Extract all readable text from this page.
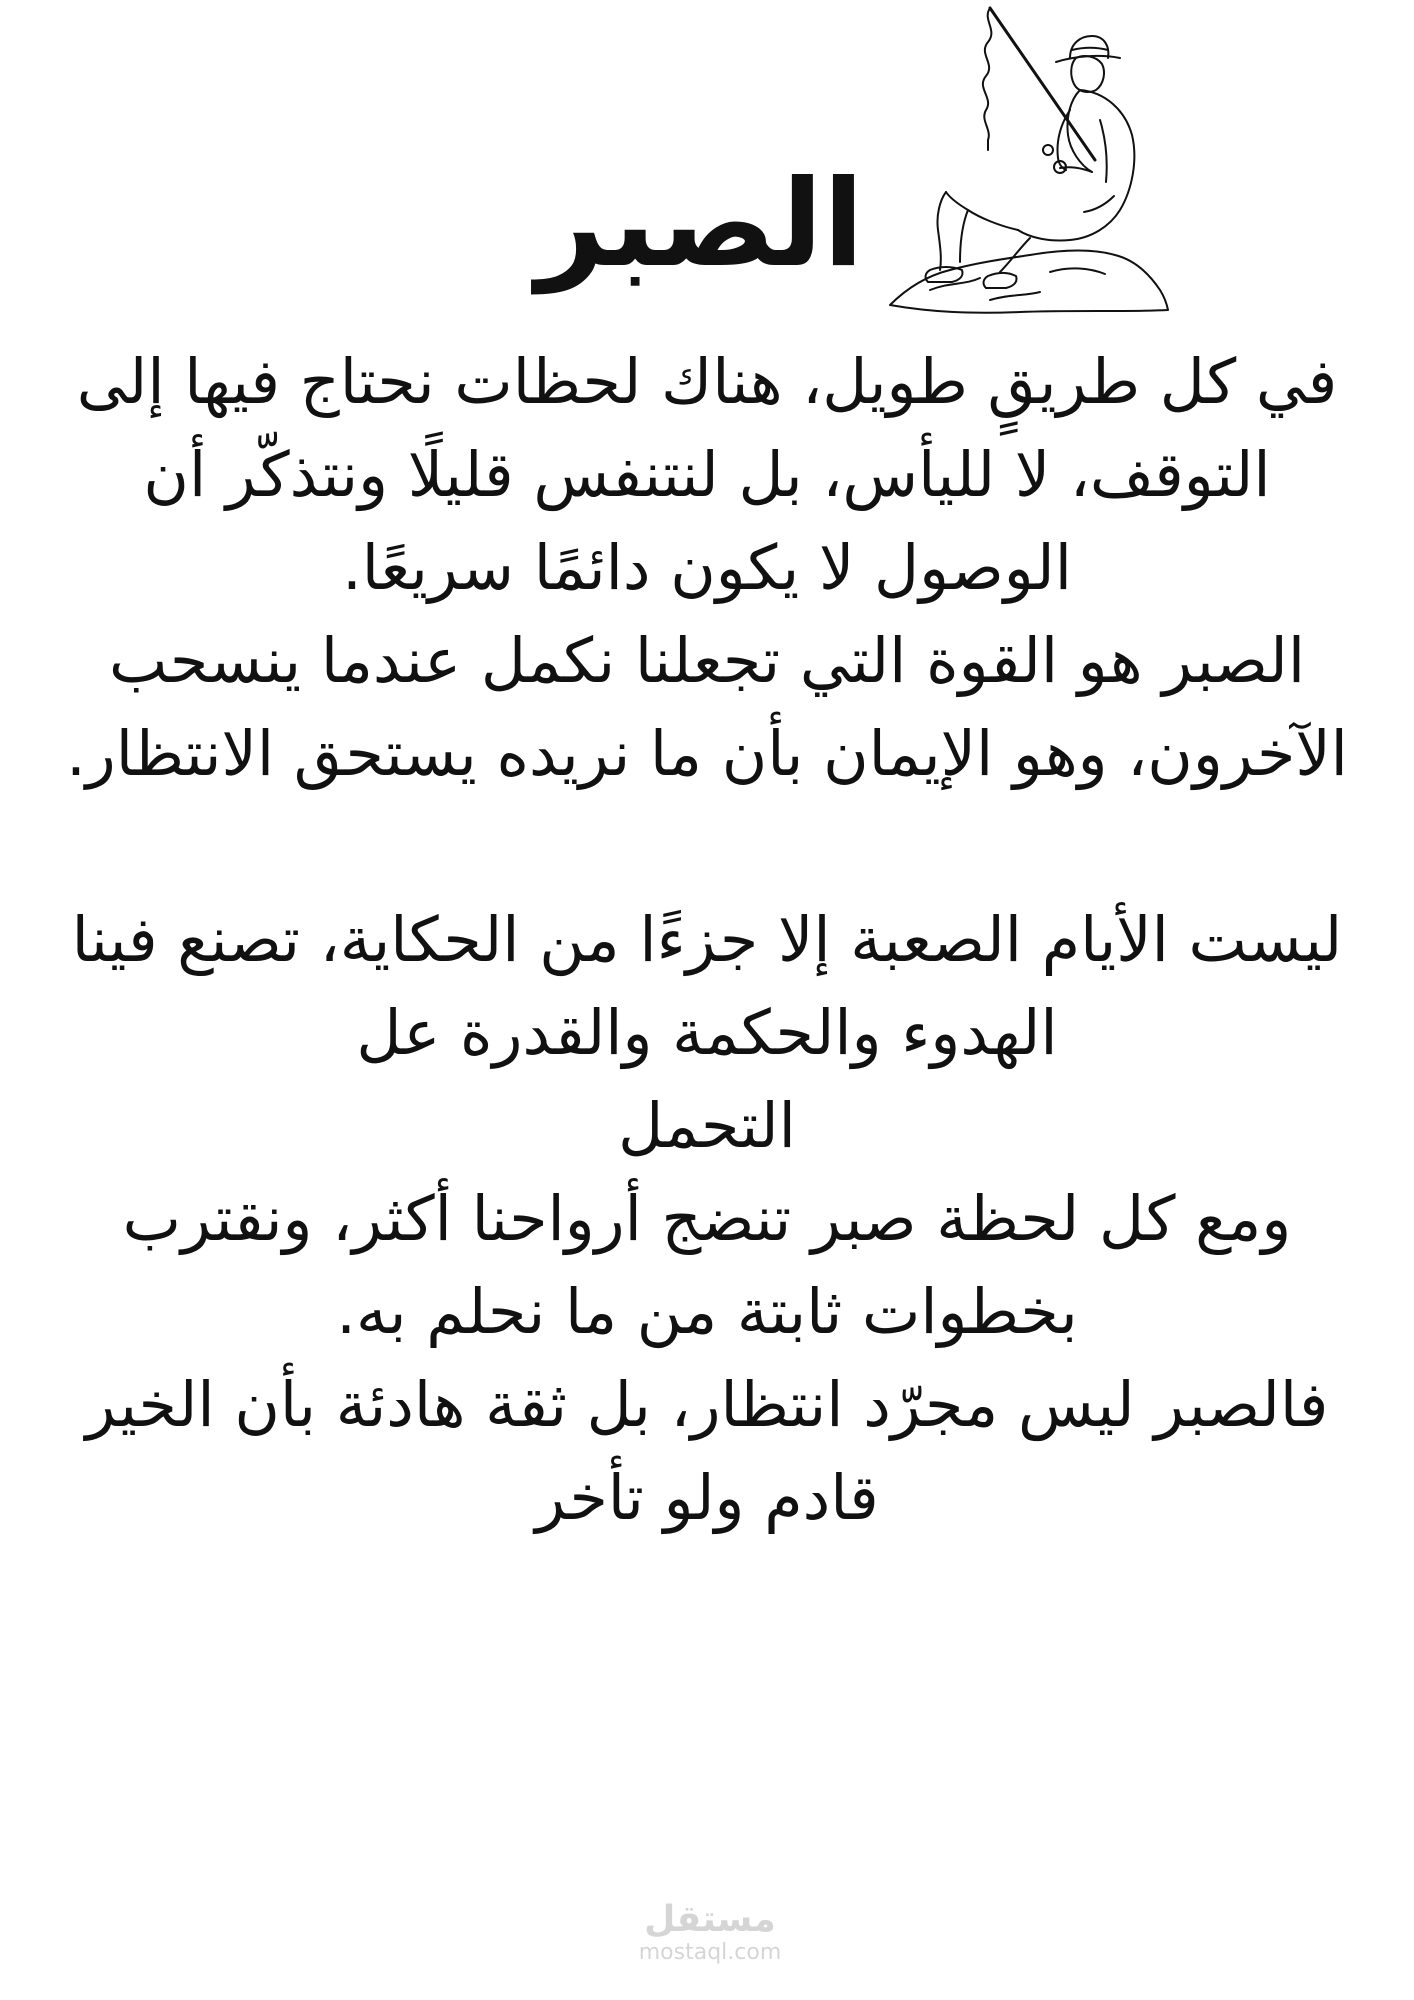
الصبر

في كل طريقٍ طويل، هناك لحظات نحتاج فيها إلى التوقف، لا لليأس، بل لنتنفس قليلًا ونتذكّر أن الوصول لا يكون دائمًا سريعًا.

الصبر هو القوة التي تجعلنا نكمل عندما ينسحب الآخرون، وهو الإيمان بأن ما نريده يستحق الانتظار.

ليست الأيام الصعبة إلا جزءًا من الحكاية، تصنع فينا الهدوء والحكمة والقدرة عل

التحمل

ومع كل لحظة صبر تنضج أرواحنا أكثر، ونقترب بخطوات ثابتة من ما نحلم به.

فالصبر ليس مجرّد انتظار، بل ثقة هادئة بأن الخير قادم ولو تأخر

مستقل
mostaql.com
